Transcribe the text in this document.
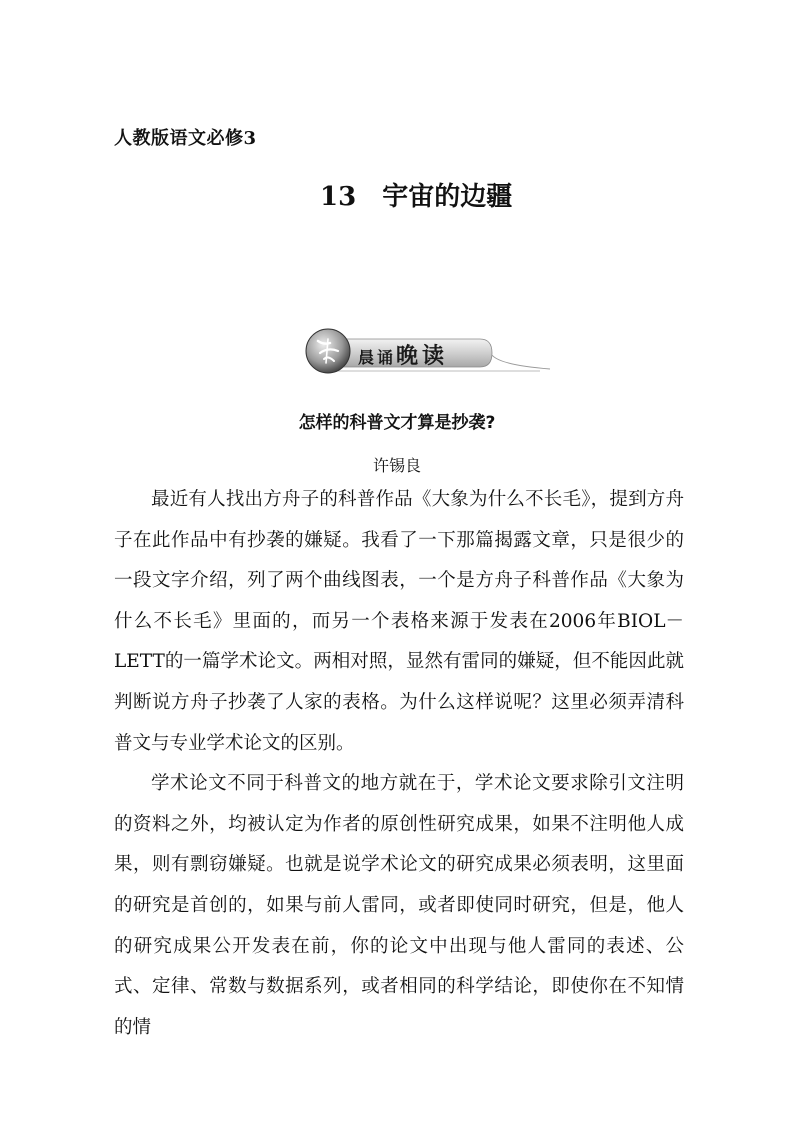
人教版语文必修3
13 宇宙的边疆
晨诵晚读
怎样的科普文才算是抄袭?
许锡良

最近有人找出方舟子的科普作品《大象为什么不长毛》，提到方舟子在此作品中有抄袭的嫌疑。我看了一下那篇揭露文章，只是很少的一段文字介绍，列了两个曲线图表，一个是方舟子科普作品《大象为什么不长毛》里面的，而另一个表格来源于发表在2006年BIOL－LETT的一篇学术论文。两相对照，显然有雷同的嫌疑，但不能因此就判断说方舟子抄袭了人家的表格。为什么这样说呢？这里必须弄清科普文与专业学术论文的区别。

学术论文不同于科普文的地方就在于，学术论文要求除引文注明的资料之外，均被认定为作者的原创性研究成果，如果不注明他人成果，则有剽窃嫌疑。也就是说学术论文的研究成果必须表明，这里面的研究是首创的，如果与前人雷同，或者即使同时研究，但是，他人的研究成果公开发表在前，你的论文中出现与他人雷同的表述、公式、定律、常数与数据系列，或者相同的科学结论，即使你在不知情的情
